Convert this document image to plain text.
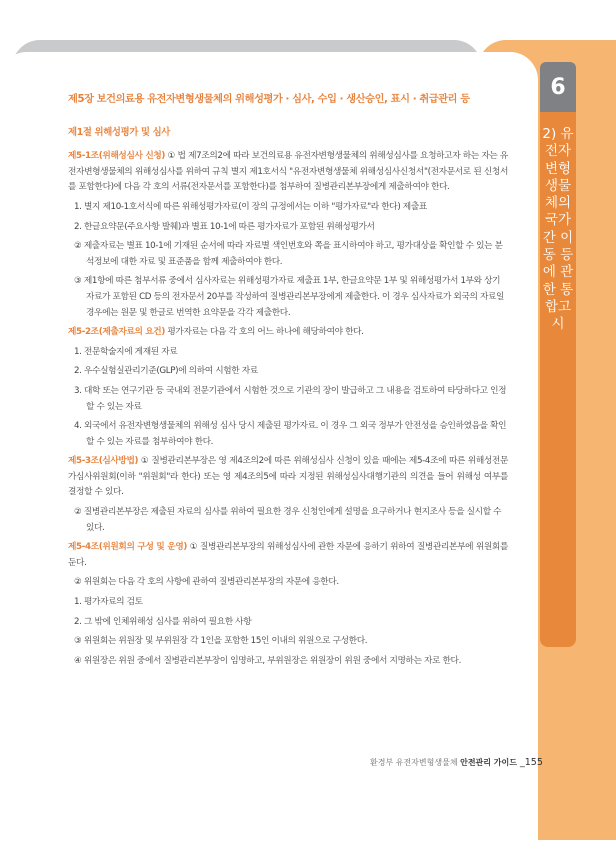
6
2) 유전자변형생물체의 국가간 이동 등에 관한 통합고시
제5장 보건의료용 유전자변형생물체의 위해성평가 · 심사, 수입 · 생산승인, 표시 · 취급관리 등
제1절 위해성평가 및 심사

제5-1조(위해성심사 신청) ① 법 제7조의2에 따라 보건의료용 유전자변형생물체의 위해성심사를 요청하고자 하는 자는 유전자변형생물체의 위해성심사를 위하여 규칙 별지 제1호서식 "유전자변형생물체 위해성심사신청서"(전자문서로 된 신청서를 포함한다)에 다음 각 호의 서류(전자문서를 포함한다)를 첨부하여 질병관리본부장에게 제출하여야 한다.

1. 별지 제10-1호서식에 따른 위해성평가자료(이 장의 규정에서는 이하 "평가자료"라 한다) 제출표

2. 한글요약문(주요사항 발췌)과 별표 10-1에 따른 평가자료가 포함된 위해성평가서

② 제출자료는 별표 10-1에 기재된 순서에 따라 자료별 색인번호와 쪽을 표시하여야 하고, 평가대상을 확인할 수 있는 분석정보에 대한 자료 및 표준품을 함께 제출하여야 한다.

③ 제1항에 따른 첨부서류 중에서 심사자료는 위해성평가자료 제출표 1부, 한글요약문 1부 및 위해성평가서 1부와 상기자료가 포함된 CD 등의 전자문서 20부를 작성하여 질병관리본부장에게 제출한다. 이 경우 심사자료가 외국의 자료일 경우에는 원문 및 한글로 번역한 요약문을 각각 제출한다.

제5-2조(제출자료의 요건) 평가자료는 다음 각 호의 어느 하나에 해당하여야 한다.

1. 전문학술지에 게재된 자료

2. 우수실험실관리기준(GLP)에 의하여 시험한 자료

3. 대학 또는 연구기관 등 국내외 전문기관에서 시험한 것으로 기관의 장이 발급하고 그 내용을 검토하여 타당하다고 인정할 수 있는 자료

4. 외국에서 유전자변형생물체의 위해성 심사 당시 제출된 평가자료. 이 경우 그 외국 정부가 안전성을 승인하였음을 확인할 수 있는 자료를 첨부하여야 한다.

제5-3조(심사방법) ① 질병관리본부장은 영 제4조의2에 따른 위해성심사 신청이 있을 때에는 제5-4조에 따른 위해성전문가심사위원회(이하 "위원회"라 한다) 또는 영 제4조의5에 따라 지정된 위해성심사대행기관의 의견을 들어 위해성 여부를 결정할 수 있다.

② 질병관리본부장은 제출된 자료의 심사를 위하여 필요한 경우 신청인에게 설명을 요구하거나 현지조사 등을 실시할 수 있다.

제5-4조(위원회의 구성 및 운영) ① 질병관리본부장의 위해성심사에 관한 자문에 응하기 위하여 질병관리본부에 위원회를 둔다.

② 위원회는 다음 각 호의 사항에 관하여 질병관리본부장의 자문에 응한다.

1. 평가자료의 검토

2. 그 밖에 인체위해성 심사를 위하여 필요한 사항

③ 위원회는 위원장 및 부위원장 각 1인을 포함한 15인 이내의 위원으로 구성한다.

④ 위원장은 위원 중에서 질병관리본부장이 임명하고, 부위원장은 위원장이 위원 중에서 지명하는 자로 한다.

환경부 유전자변형생물체 안전관리 가이드 _155
